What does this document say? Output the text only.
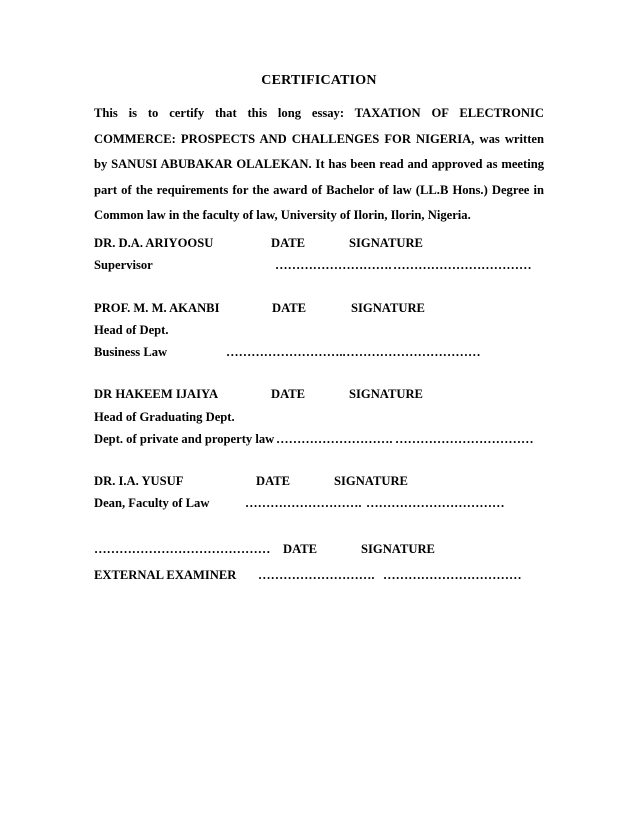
CERTIFICATION
This is to certify that this long essay: TAXATION OF ELECTRONIC COMMERCE: PROSPECTS AND CHALLENGES FOR NIGERIA, was written by SANUSI ABUBAKAR OLALEKAN. It has been read and approved as meeting part of the requirements for the award of Bachelor of law (LL.B Hons.) Degree in Common law in the faculty of law, University of Ilorin, Ilorin, Nigeria.
DR. D.A. ARIYOOSU	DATE	SIGNATURE
Supervisor	………………………. ……………………………
PROF. M. M. AKANBI	DATE	SIGNATURE
Head of Dept.
Business Law	………………………. ……………………………
DR HAKEEM IJAIYA	DATE	SIGNATURE
Head of Graduating Dept.
Dept. of private and property law ………………………. ……………………………
DR. I.A. YUSUF	DATE	SIGNATURE
Dean, Faculty of Law	………………………. ……………………………
…………………………………… DATE	SIGNATURE
EXTERNAL EXAMINER ………………………. ……………………………
